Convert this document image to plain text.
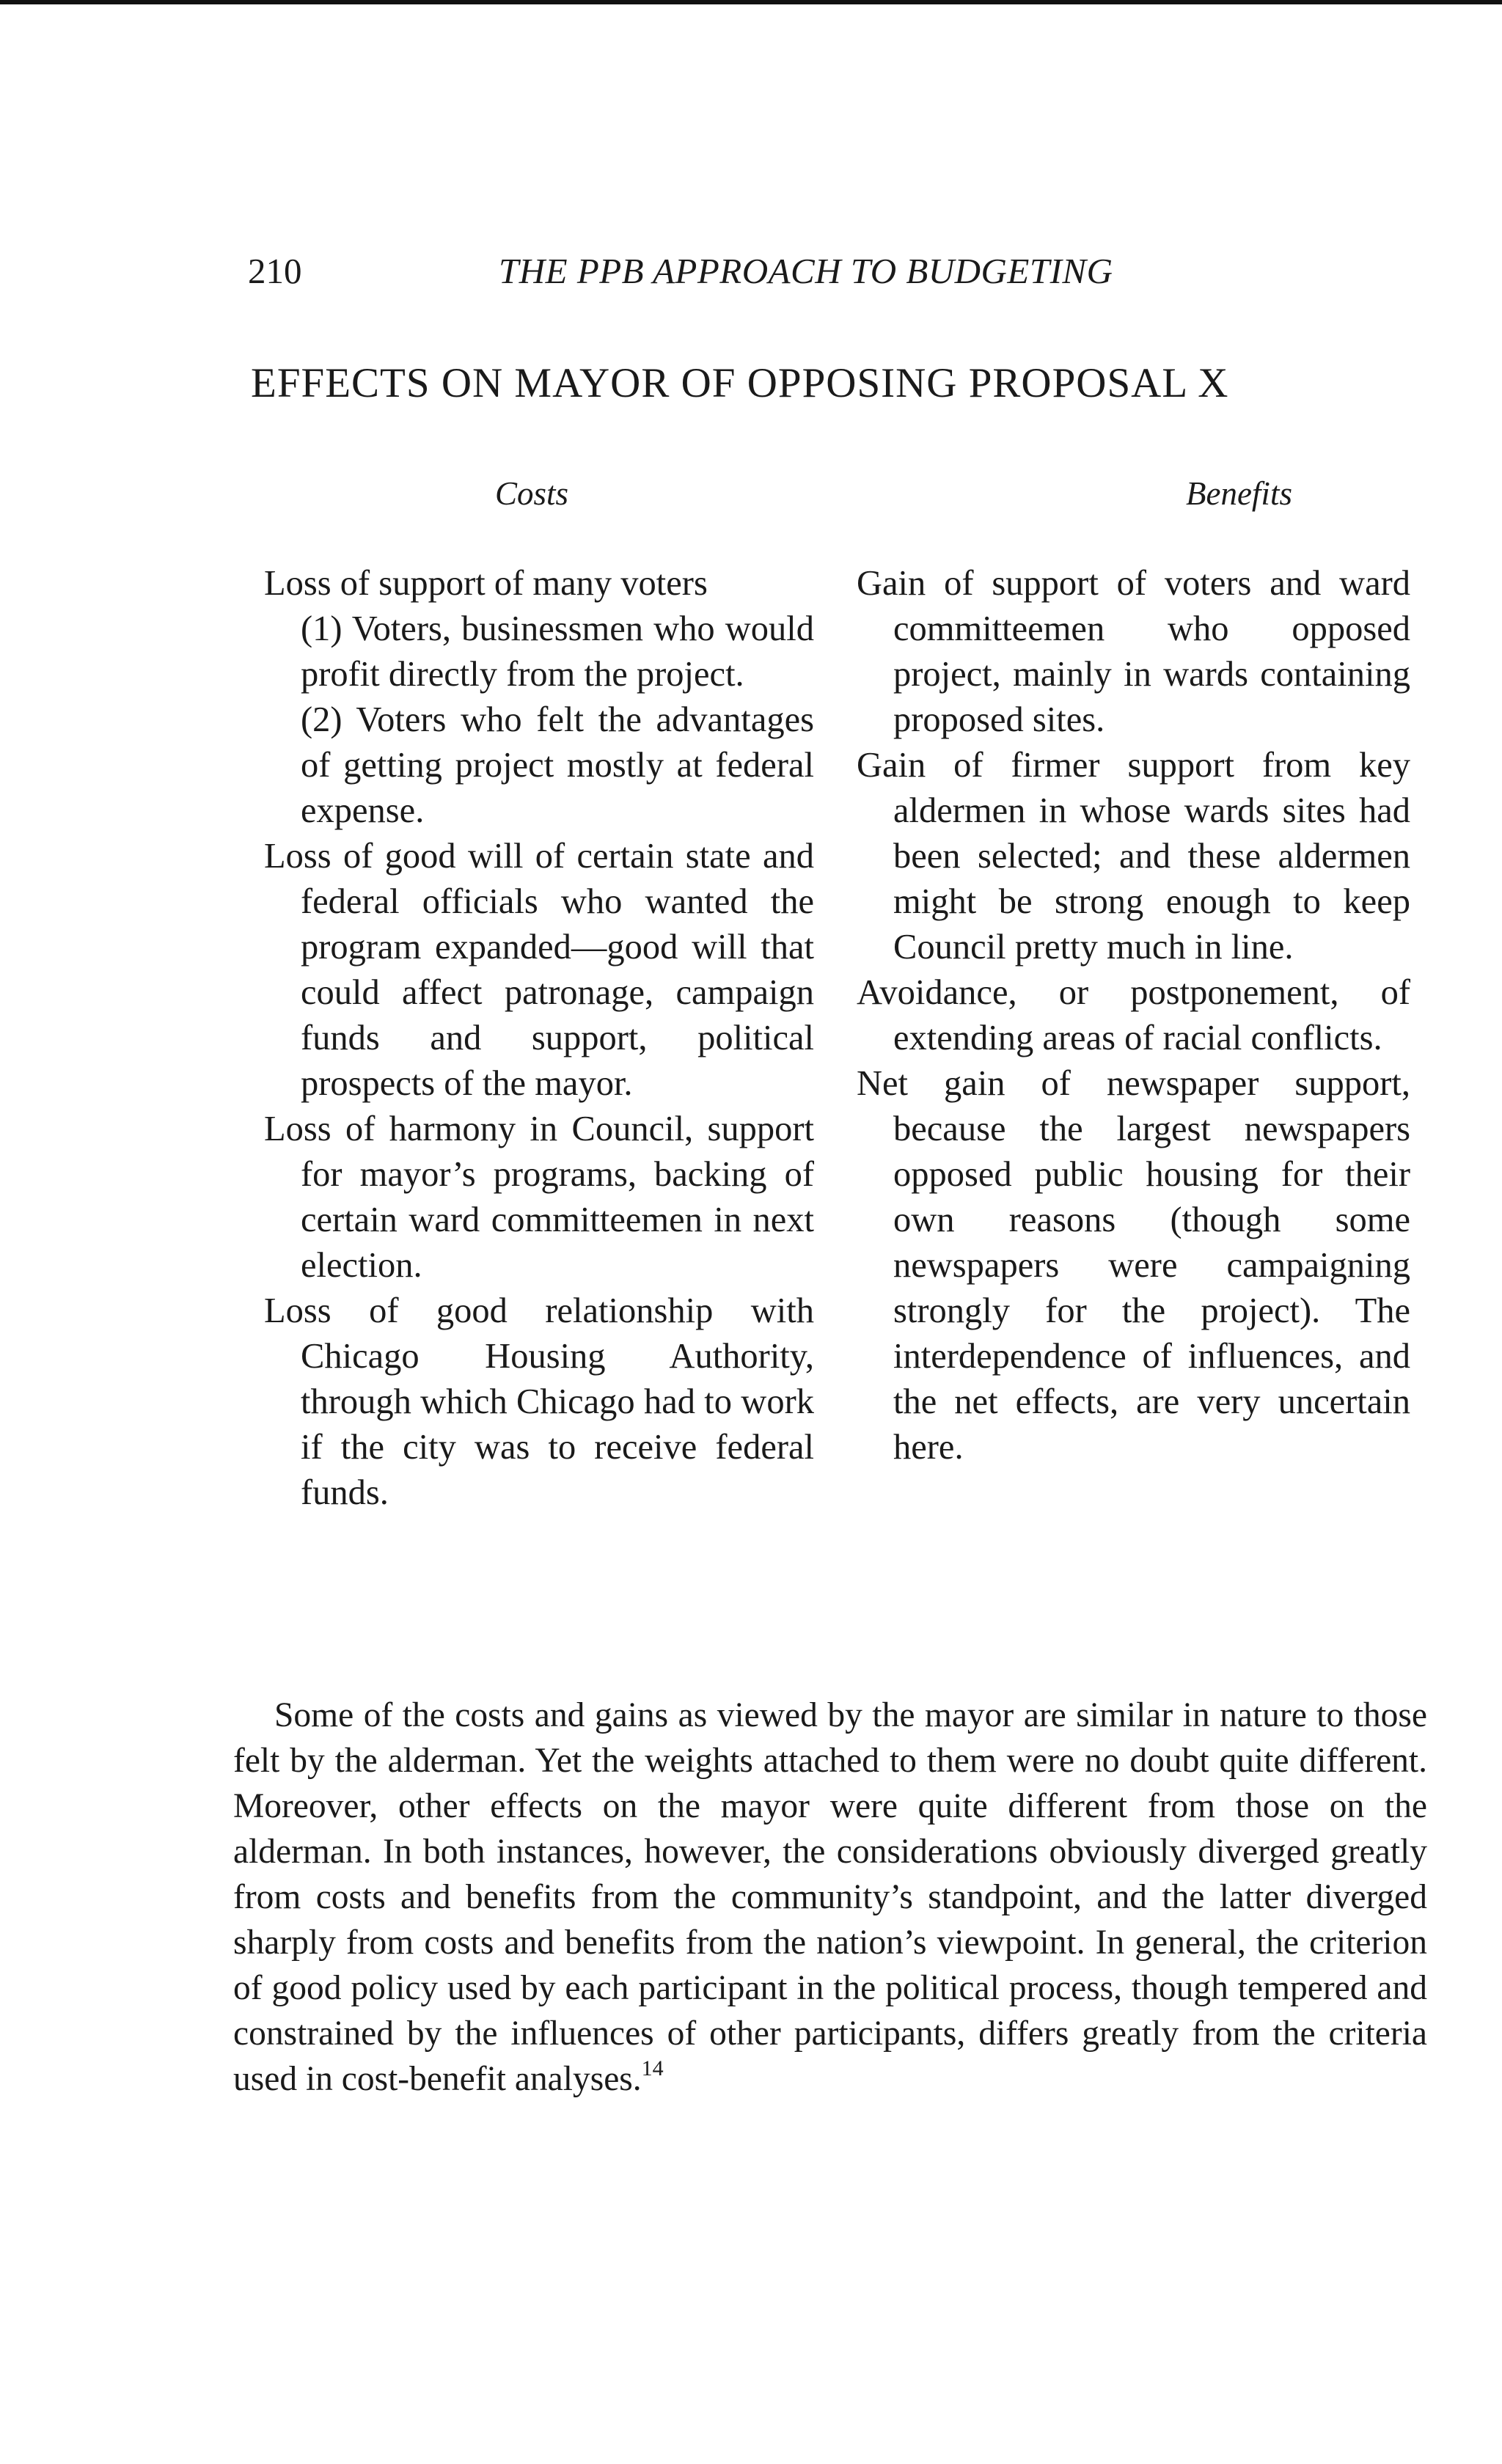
210	THE PPB APPROACH TO BUDGETING
EFFECTS ON MAYOR OF OPPOSING PROPOSAL X
Costs	Benefits
Loss of support of many voters
(1) Voters, businessmen who would profit directly from the project.
(2) Voters who felt the advantages of getting project mostly at federal expense.
Loss of good will of certain state and federal officials who wanted the program expanded—good will that could affect patronage, campaign funds and support, political prospects of the mayor.
Loss of harmony in Council, support for mayor’s programs, backing of certain ward committeemen in next election.
Loss of good relationship with Chicago Housing Authority, through which Chicago had to work if the city was to receive federal funds.
Gain of support of voters and ward committeemen who opposed project, mainly in wards containing proposed sites.
Gain of firmer support from key aldermen in whose wards sites had been selected; and these aldermen might be strong enough to keep Council pretty much in line.
Avoidance, or postponement, of extending areas of racial conflicts.
Net gain of newspaper support, because the largest newspapers opposed public housing for their own reasons (though some newspapers were campaigning strongly for the project). The interdependence of influences, and the net effects, are very uncertain here.

Some of the costs and gains as viewed by the mayor are similar in nature to those felt by the alderman. Yet the weights attached to them were no doubt quite different. Moreover, other effects on the mayor were quite different from those on the alderman. In both instances, however, the considerations obviously diverged greatly from costs and benefits from the community’s standpoint, and the latter diverged sharply from costs and benefits from the nation’s viewpoint. In general, the criterion of good policy used by each participant in the political process, though tempered and constrained by the influences of other participants, differs greatly from the criteria used in cost-benefit analyses.$^{14}$
